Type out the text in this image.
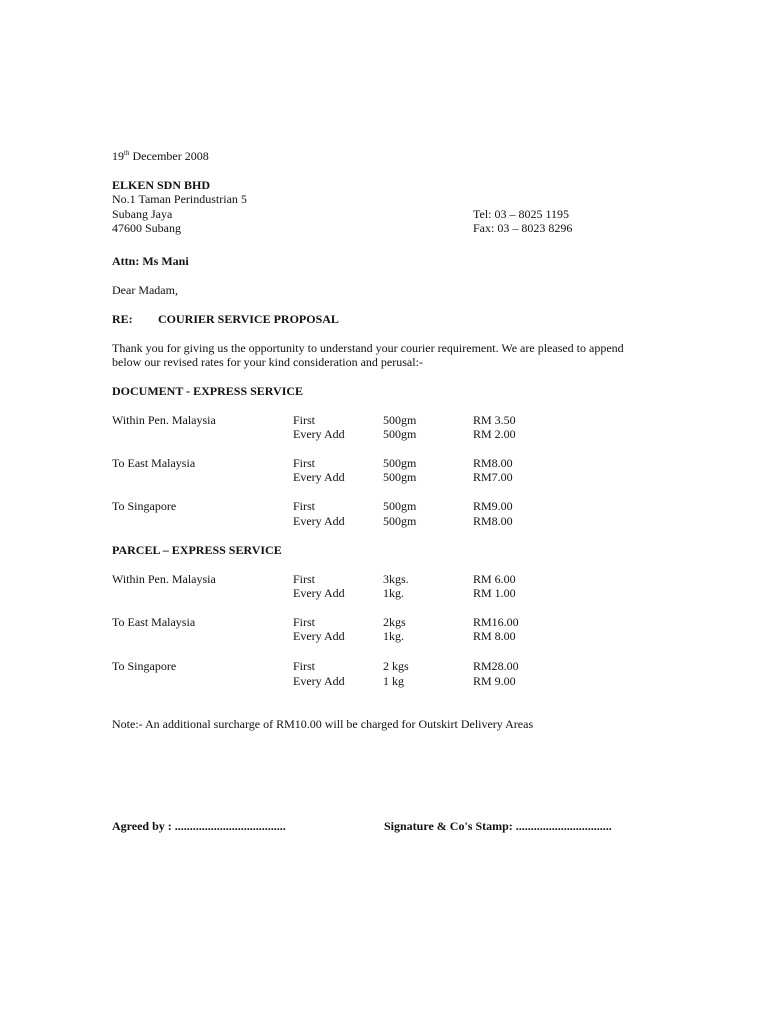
19th December 2008
ELKEN SDN BHD
No.1 Taman Perindustrian 5
Subang Jaya
47600 Subang
Tel: 03 – 8025 1195
Fax: 03 – 8023 8296
Attn: Ms Mani
Dear Madam,
RE: COURIER SERVICE PROPOSAL
Thank you for giving us the opportunity to understand your courier requirement. We are pleased to append
below our revised rates for your kind consideration and perusal:-
DOCUMENT - EXPRESS SERVICE
Within Pen. Malaysia	First	500gm	RM 3.50
Every Add	500gm	RM 2.00
To East Malaysia	First	500gm	RM8.00
Every Add	500gm	RM7.00
To Singapore	First	500gm	RM9.00
Every Add	500gm	RM8.00
PARCEL – EXPRESS SERVICE
Within Pen. Malaysia	First	3kgs.	RM 6.00
Every Add	1kg.	RM 1.00
To East Malaysia	First	2kgs	RM16.00
Every Add	1kg.	RM 8.00
To Singapore	First	2 kgs	RM28.00
Every Add	1 kg	RM 9.00
Note:- An additional surcharge of RM10.00 will be charged for Outskirt Delivery Areas
Agreed by : .....................................	Signature & Co's Stamp: ................................
